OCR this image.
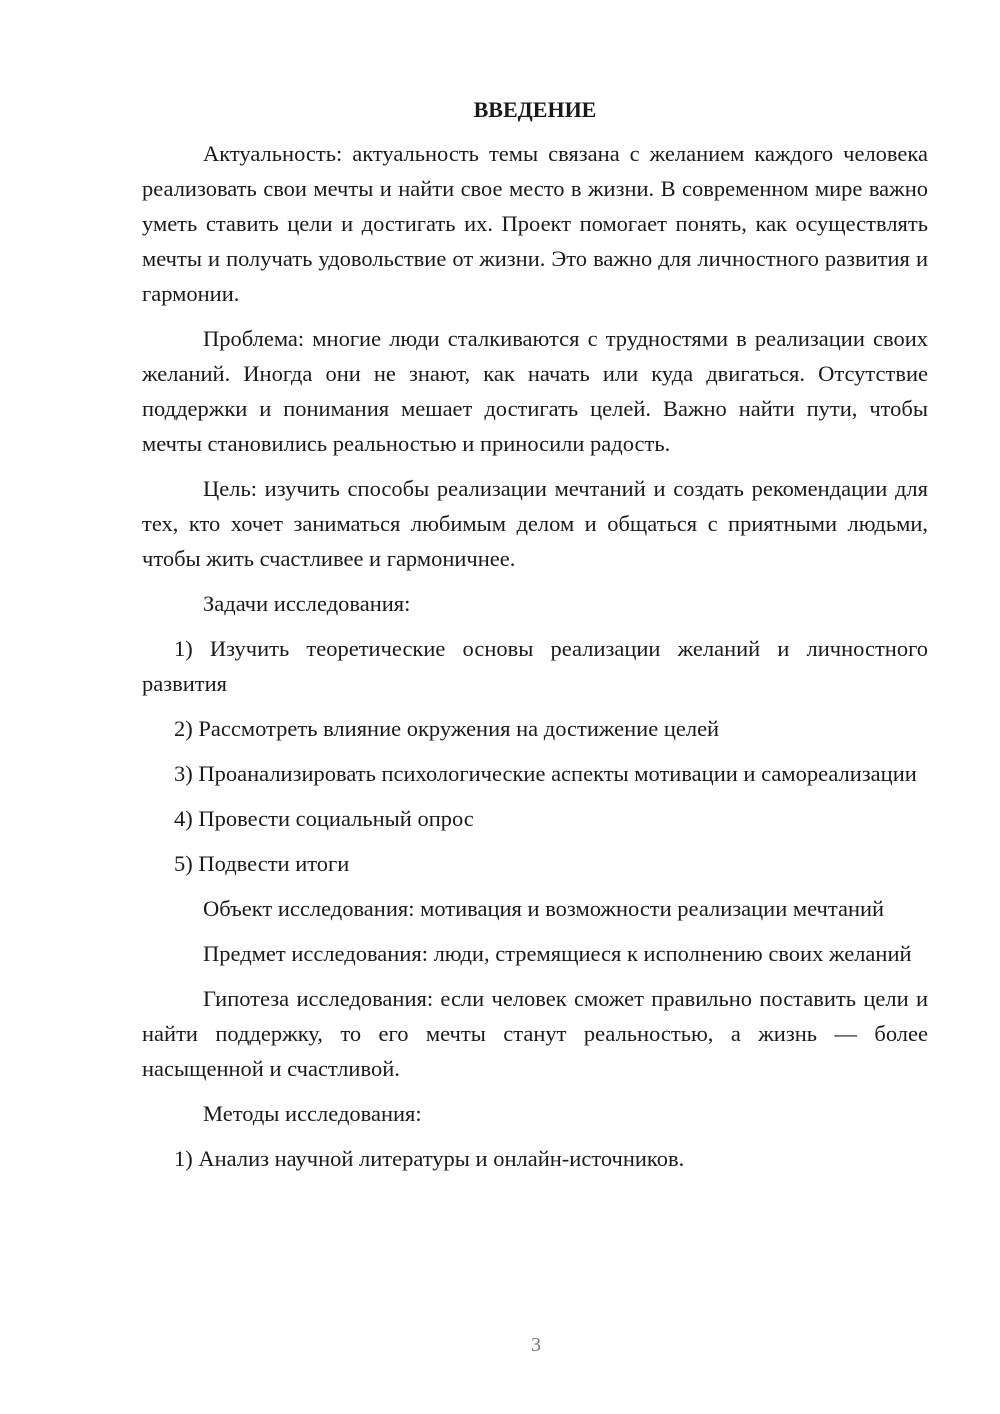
ВВЕДЕНИЕ

Актуальность: актуальность темы связана с желанием каждого человека реализовать свои мечты и найти свое место в жизни. В современном мире важно уметь ставить цели и достигать их. Проект помогает понять, как осуществлять мечты и получать удовольствие от жизни. Это важно для личностного развития и гармонии.

Проблема: многие люди сталкиваются с трудностями в реализации своих желаний. Иногда они не знают, как начать или куда двигаться. Отсутствие поддержки и понимания мешает достигать целей. Важно найти пути, чтобы мечты становились реальностью и приносили радость.

Цель: изучить способы реализации мечтаний и создать рекомендации для тех, кто хочет заниматься любимым делом и общаться с приятными людьми, чтобы жить счастливее и гармоничнее.

Задачи исследования:

1) Изучить теоретические основы реализации желаний и личностного развития

2) Рассмотреть влияние окружения на достижение целей

3) Проанализировать психологические аспекты мотивации и самореализации

4) Провести социальный опрос

5) Подвести итоги

Объект исследования: мотивация и возможности реализации мечтаний

Предмет исследования: люди, стремящиеся к исполнению своих желаний

Гипотеза исследования: если человек сможет правильно поставить цели и найти поддержку, то его мечты станут реальностью, а жизнь — более насыщенной и счастливой.

Методы исследования:

1) Анализ научной литературы и онлайн-источников.

3
